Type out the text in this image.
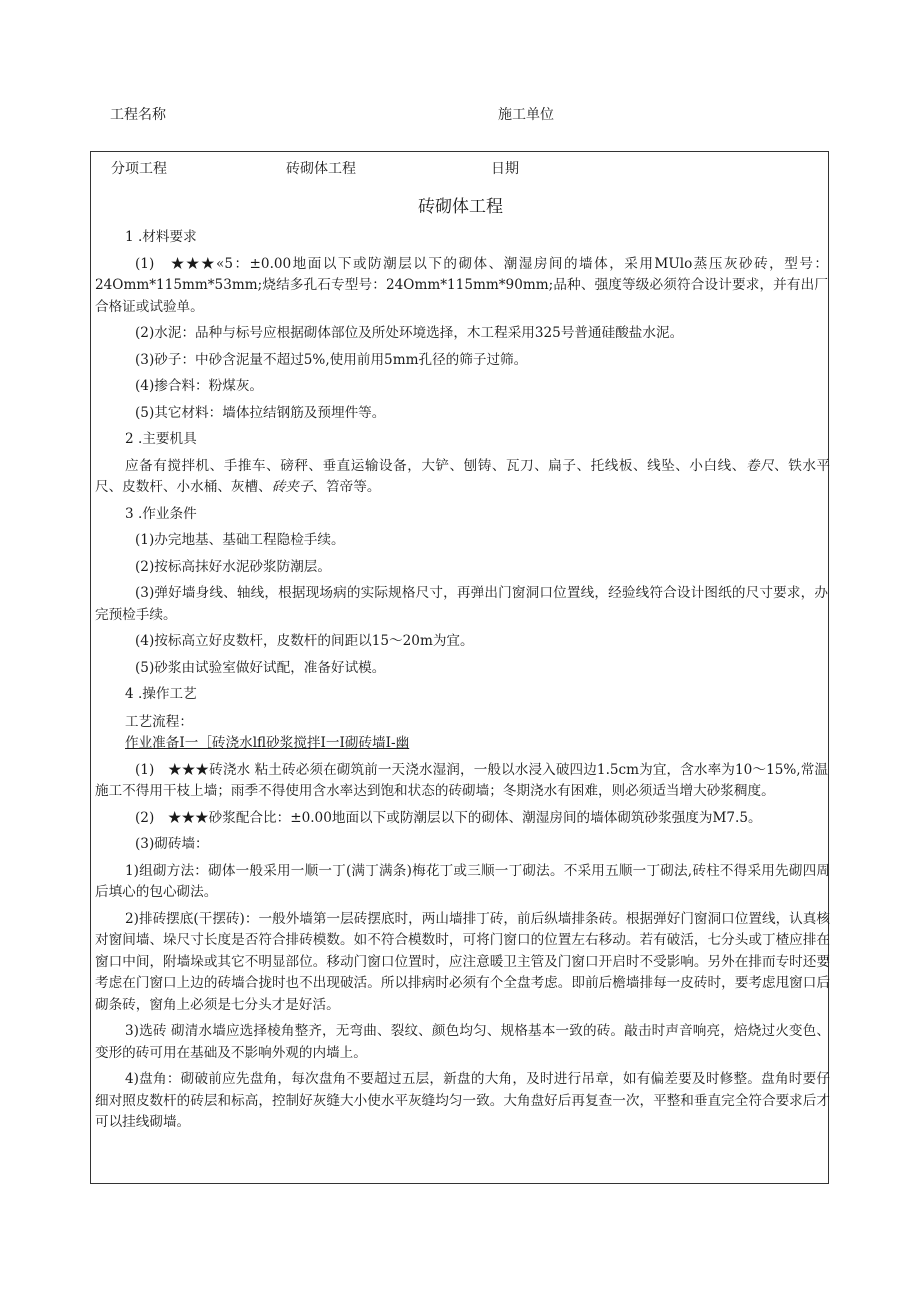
工程名称	施工单位
分项工程	砖砌体工程	日期
砖砌体工程

1 .材料要求

(1)　★★★«5：±0.00地面以下或防潮层以下的砌体、潮湿房间的墙体，采用MUlo蒸压灰砂砖，型号：24Omm*115mm*53mm;烧结多孔石专型号：24Omm*115mm*90mm;品种、强度等级必须符合设计要求，并有出厂合格证或试验单。

(2)水泥：品种与标号应根据砌体部位及所处环境选择，木工程采用325号普通硅酸盐水泥。

(3)砂子：中砂含泥量不超过5%,使用前用5mm孔径的筛子过筛。

(4)掺合料：粉煤灰。

(5)其它材料：墙体拉结钢筋及预埋件等。

2 .主要机具

应备有搅拌机、手推车、磅秤、垂直运输设备，大铲、刨铸、瓦刀、扁子、托线板、线坠、小白线、卷尺、铁水平尺、皮数杆、小水桶、灰槽、砖夹子、笤帝等。

3 .作业条件

(1)办完地基、基础工程隐检手续。

(2)按标高抹好水泥砂浆防潮层。

(3)弹好墙身线、轴线，根据现场病的实际规格尺寸，再弹出门窗洞口位置线，经验线符合设计图纸的尺寸要求，办完预检手续。

(4)按标高立好皮数杆，皮数杆的间距以15〜20m为宜。

(5)砂浆由试验室做好试配，准备好试模。

4 .操作工艺

工艺流程：

作业准备I一［砖浇水lfl砂浆搅拌I一I砌砖墙I-幽

(1)　★★★砖浇水 粘土砖必须在砌筑前一天浇水湿润，一般以水浸入破四边1.5cm为宜，含水率为10〜15%,常温施工不得用干枝上墙；雨季不得使用含水率达到饱和状态的砖砌墙；冬期浇水有困难，则必须适当增大砂浆稠度。

(2)　★★★砂浆配合比：±0.00地面以下或防潮层以下的砌体、潮湿房间的墙体砌筑砂浆强度为M7.5。

(3)砌砖墙：

1)组砌方法：砌体一般采用一顺一丁(满丁满条)梅花丁或三顺一丁砌法。不采用五顺一丁砌法,砖柱不得采用先砌四周后填心的包心砌法。

2)排砖摆底(干摆砖)：一般外墙第一层砖摆底时，两山墙排丁砖，前后纵墙排条砖。根据弹好门窗洞口位置线，认真核对窗间墙、垛尺寸长度是否符合排砖模数。如不符合模数时，可将门窗口的位置左右移动。若有破活，七分头或丁楂应排在窗口中间，附墙垛或其它不明显部位。移动门窗口位置时，应注意暖卫主管及门窗口开启时不受影响。另外在排而专时还要考虑在门窗口上边的砖墙合拢时也不出现破活。所以排病时必须有个全盘考虑。即前后檐墙排每一皮砖时，要考虑甩窗口后砌条砖，窗角上必须是七分头才是好活。

3)选砖 砌清水墙应选择棱角整齐，无弯曲、裂纹、颜色均匀、规格基本一致的砖。敲击时声音响亮，焙烧过火变色、变形的砖可用在基础及不影响外观的内墙上。

4)盘角：砌破前应先盘角，每次盘角不要超过五层，新盘的大角，及时进行吊章，如有偏差要及时修整。盘角时要仔细对照皮数杆的砖层和标高，控制好灰缝大小使水平灰缝均匀一致。大角盘好后再复查一次，平整和垂直完全符合要求后才可以挂线砌墙。
